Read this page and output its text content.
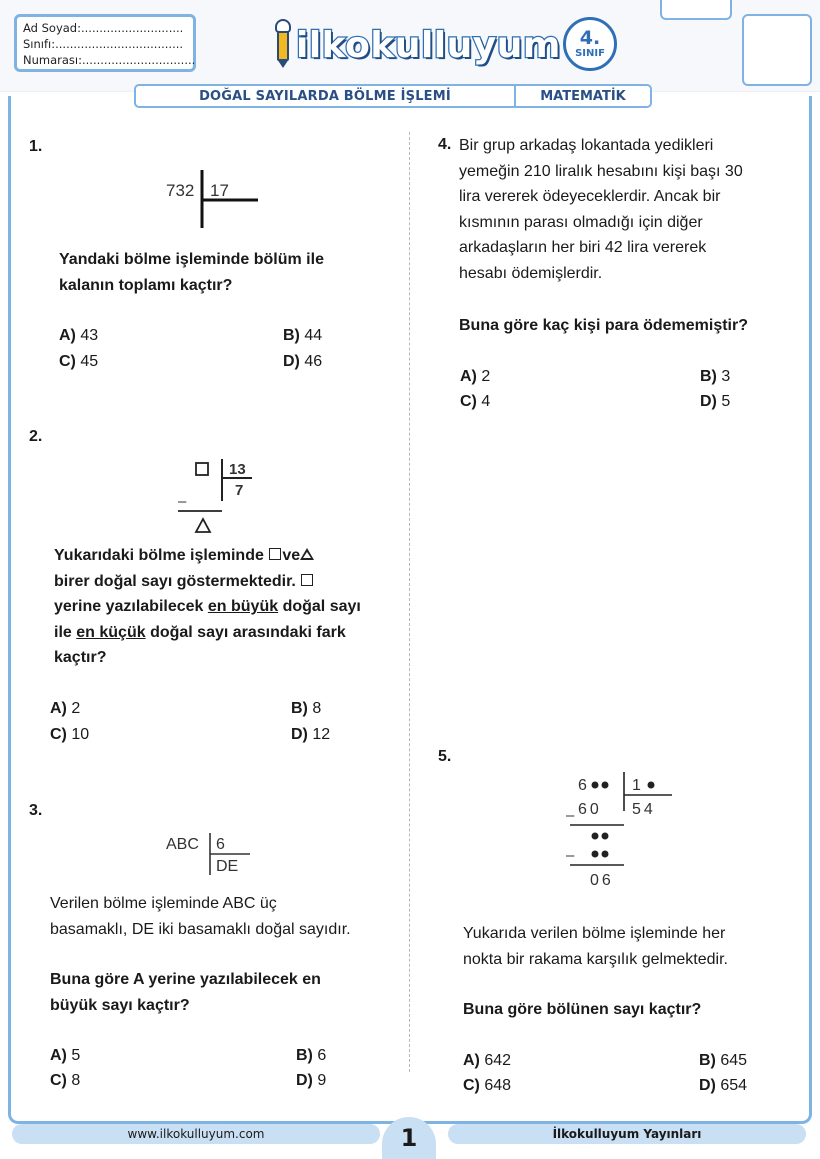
Ad Soyad:............................
Sınıfı:...................................
Numarası:...............................	ilkokulluyum 4.
SINIF
DOĞAL SAYILARDA BÖLME İŞLEMİ	MATEMATİK
1.
732 17
Yandaki bölme işleminde bölüm ile
kalanın toplamı kaçtır?
A) 43	B) 44
C) 45	D) 46
2.
13
7
–
Yukarıdaki bölme işleminde ve
birer doğal sayı göstermektedir.
yerine yazılabilecek en büyük doğal sayı
ile en küçük doğal sayı arasındaki fark
kaçtır?
A) 2	B) 8
C) 10	D) 12
3.
ABC 6
DE
Verilen bölme işleminde ABC üç
basamaklı, DE iki basamaklı doğal sayıdır.
Buna göre A yerine yazılabilecek en
büyük sayı kaçtır?
A) 5	B) 6
C) 8	D) 9
4. Bir grup arkadaş lokantada yedikleri
yemeğin 210 liralık hesabını kişi başı 30
lira vererek ödeyeceklerdir. Ancak bir
kısmının parası olmadığı için diğer
arkadaşların her biri 42 lira vererek
hesabı ödemişlerdir.
Buna göre kaç kişi para ödememiştir?
A) 2	B) 3
C) 4	D) 5
5.
6	1
54
– 60
–
06
Yukarıda verilen bölme işleminde her
nokta bir rakama karşılık gelmektedir.
Buna göre bölünen sayı kaçtır?
A) 642	B) 645
C) 648	D) 654
www.ilkokulluyum.com	1	İlkokulluyum Yayınları
